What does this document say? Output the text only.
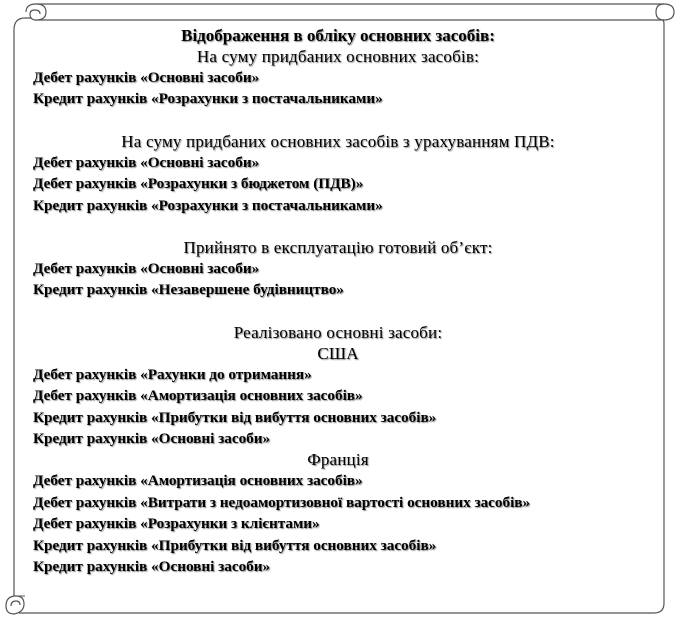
Відображення в обліку основних засобів:
На суму придбаних основних засобів:
Дебет рахунків «Основні засоби»
Кредит рахунків «Розрахунки з постачальниками»
На суму придбаних основних засобів з урахуванням ПДВ:
Дебет рахунків «Основні засоби»
Дебет рахунків «Розрахунки з бюджетом (ПДВ)»
Кредит рахунків «Розрахунки з постачальниками»
Прийнято в експлуатацію готовий об’єкт:
Дебет рахунків «Основні засоби»
Кредит рахунків «Незавершене будівництво»
Реалізовано основні засоби:
США
Дебет рахунків «Рахунки до отримання»
Дебет рахунків «Амортизація основних засобів»
Кредит рахунків «Прибутки від вибуття основних засобів»
Кредит рахунків «Основні засоби»
Франція
Дебет рахунків «Амортизація основних засобів»
Дебет рахунків «Витрати з недоамортизовної вартості основних засобів»
Дебет рахунків «Розрахунки з клієнтами»
Кредит рахунків «Прибутки від вибуття основних засобів»
Кредит рахунків «Основні засоби»
